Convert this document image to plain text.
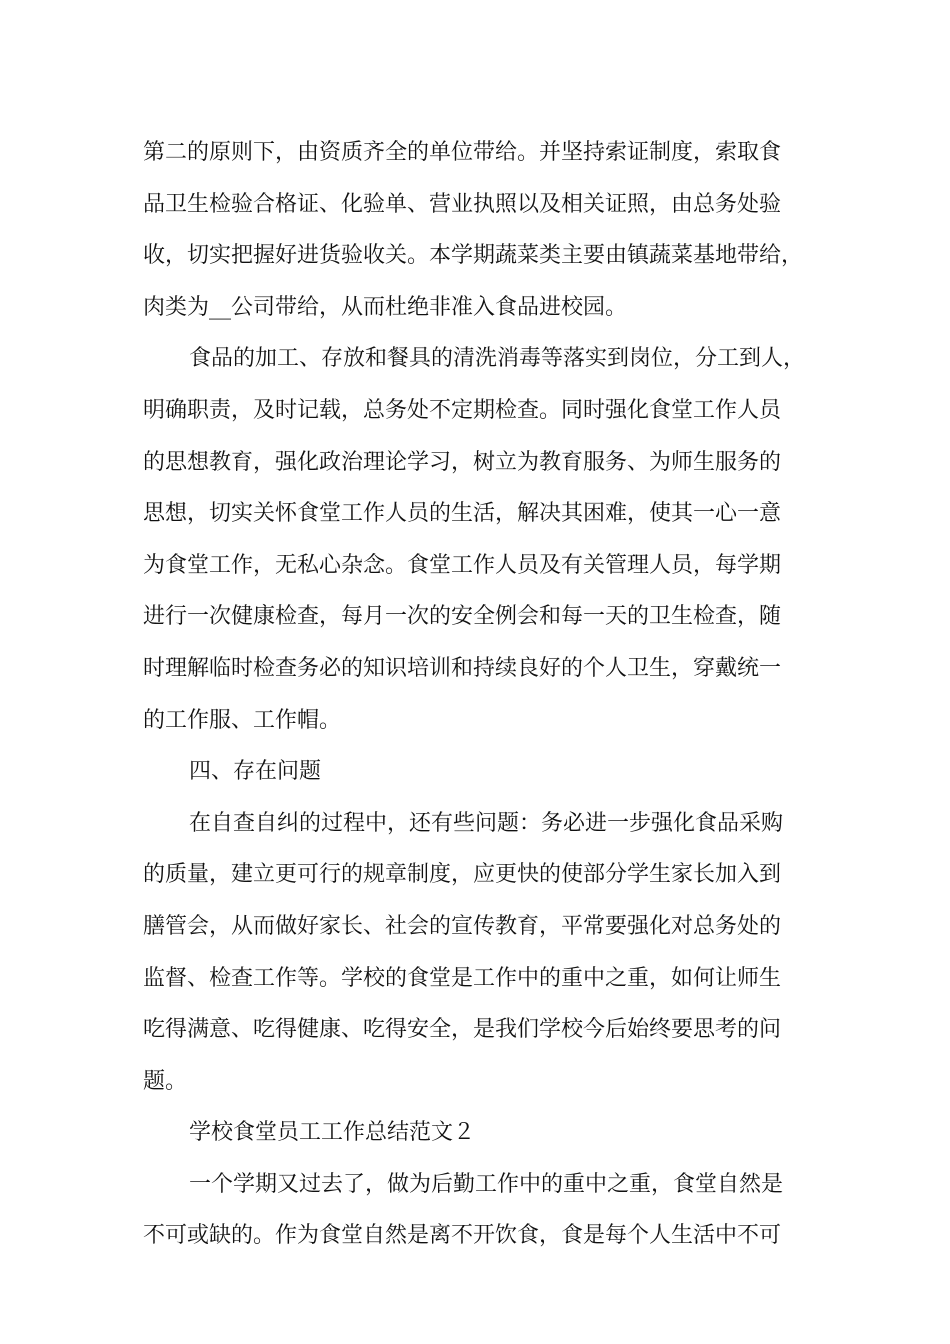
第二的原则下，由资质齐全的单位带给。并坚持索证制度，索取食
品卫生检验合格证、化验单、营业执照以及相关证照，由总务处验
收，切实把握好进货验收关。本学期蔬菜类主要由镇蔬菜基地带给，
肉类为__公司带给，从而杜绝非准入食品进校园。
食品的加工、存放和餐具的清洗消毒等落实到岗位，分工到人，
明确职责，及时记载，总务处不定期检查。同时强化食堂工作人员
的思想教育，强化政治理论学习，树立为教育服务、为师生服务的
思想，切实关怀食堂工作人员的生活，解决其困难，使其一心一意
为食堂工作，无私心杂念。食堂工作人员及有关管理人员，每学期
进行一次健康检查，每月一次的安全例会和每一天的卫生检查，随
时理解临时检查务必的知识培训和持续良好的个人卫生，穿戴统一
的工作服、工作帽。
四、存在问题
在自查自纠的过程中，还有些问题：务必进一步强化食品采购
的质量，建立更可行的规章制度，应更快的使部分学生家长加入到
膳管会，从而做好家长、社会的宣传教育，平常要强化对总务处的
监督、检查工作等。学校的食堂是工作中的重中之重，如何让师生
吃得满意、吃得健康、吃得安全，是我们学校今后始终要思考的问
题。
学校食堂员工工作总结范文２
一个学期又过去了，做为后勤工作中的重中之重，食堂自然是
不可或缺的。作为食堂自然是离不开饮食，食是每个人生活中不可
